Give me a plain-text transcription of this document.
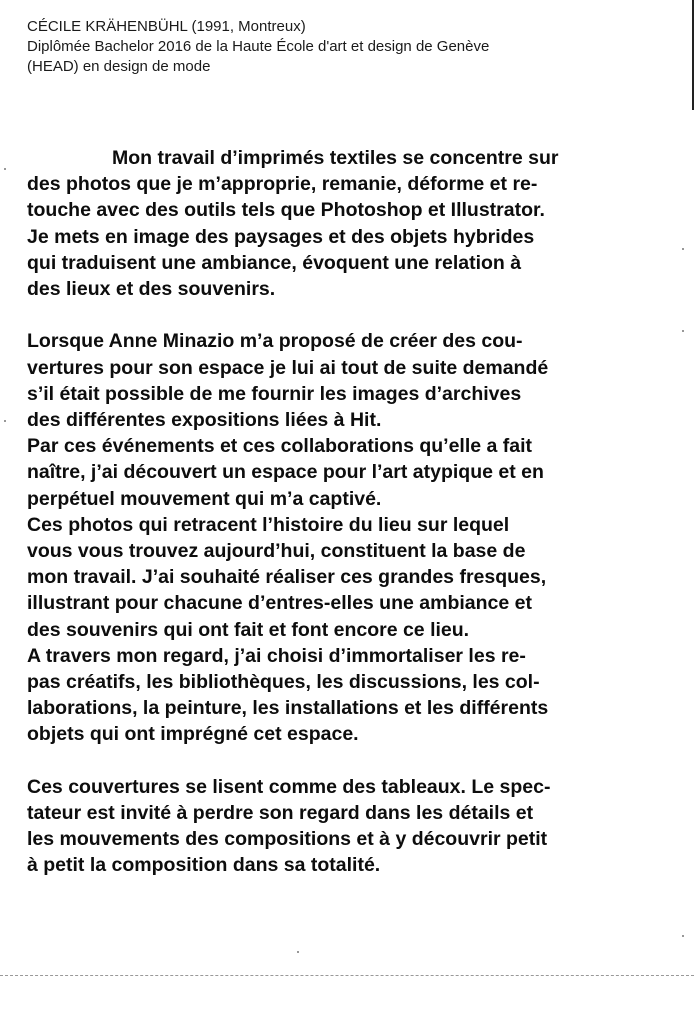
CÉCILE KRÄHENBÜHL (1991, Montreux)
Diplômée Bachelor 2016 de la Haute École d'art et design de Genève
(HEAD) en design de mode
Mon travail d’imprimés textiles se concentre sur
des photos que je m’approprie, remanie, déforme et re-
touche avec des outils tels que Photoshop et Illustrator.
Je mets en image des paysages et des objets hybrides
qui traduisent une ambiance, évoquent une relation à
des lieux et des souvenirs.
Lorsque Anne Minazio m’a proposé de créer des cou-
vertures pour son espace je lui ai tout de suite demandé
s’il était possible de me fournir les images d’archives
des différentes expositions liées à Hit.
Par ces événements et ces collaborations qu’elle a fait
naître, j’ai découvert un espace pour l’art atypique et en
perpétuel mouvement qui m’a captivé.
Ces photos qui retracent l’histoire du lieu sur lequel
vous vous trouvez aujourd’hui, constituent la base de
mon travail. J’ai souhaité réaliser ces grandes fresques,
illustrant pour chacune d’entres-elles une ambiance et
des souvenirs qui ont fait et font encore ce lieu.
A travers mon regard, j’ai choisi d’immortaliser les re-
pas créatifs, les bibliothèques, les discussions, les col-
laborations, la peinture, les installations et les différents
objets qui ont imprégné cet espace.
Ces couvertures se lisent comme des tableaux. Le spec-
tateur est invité à perdre son regard dans les détails et
les mouvements des compositions et à y découvrir petit
à petit la composition dans sa totalité.
